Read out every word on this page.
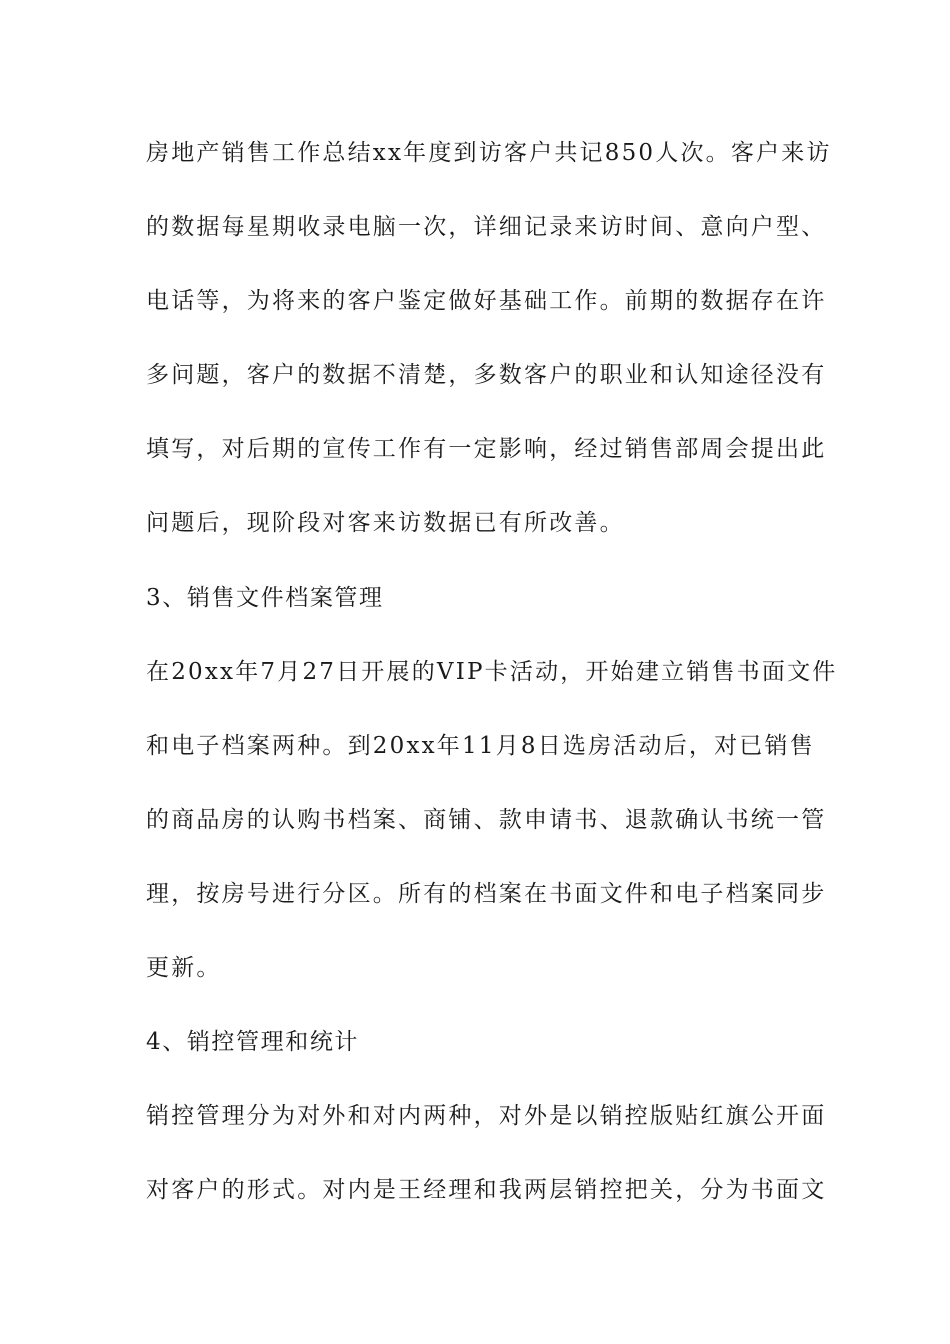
房地产销售工作总结xx年度到访客户共记850人次。客户来访
的数据每星期收录电脑一次，详细记录来访时间、意向户型、
电话等，为将来的客户鉴定做好基础工作。前期的数据存在许
多问题，客户的数据不清楚，多数客户的职业和认知途径没有
填写，对后期的宣传工作有一定影响，经过销售部周会提出此
问题后，现阶段对客来访数据已有所改善。
3、销售文件档案管理
在20xx年7月27日开展的VIP卡活动，开始建立销售书面文件
和电子档案两种。到20xx年11月8日选房活动后，对已销售
的商品房的认购书档案、商铺、款申请书、退款确认书统一管
理，按房号进行分区。所有的档案在书面文件和电子档案同步
更新。
4、销控管理和统计
销控管理分为对外和对内两种，对外是以销控版贴红旗公开面
对客户的形式。对内是王经理和我两层销控把关，分为书面文
